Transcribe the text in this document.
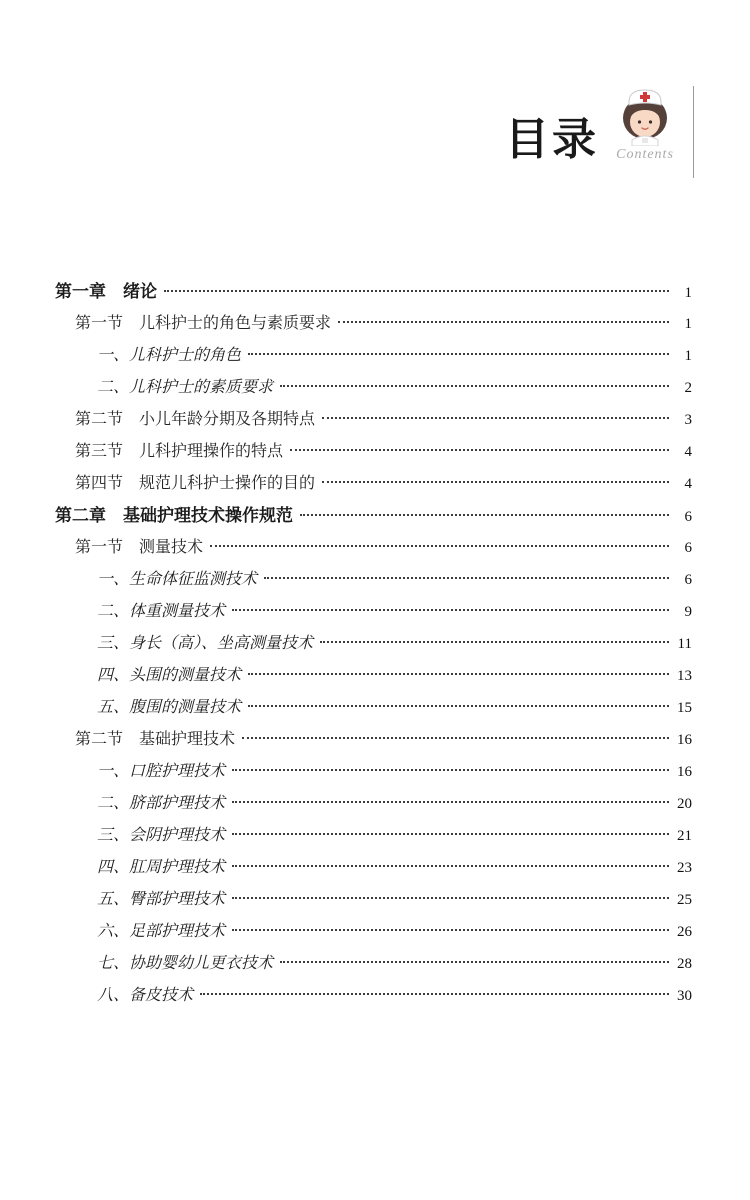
目录	Contents
第一章　绪论	1
第一节　儿科护士的角色与素质要求	1
一、儿科护士的角色	1
二、儿科护士的素质要求	2
第二节　小儿年龄分期及各期特点	3
第三节　儿科护理操作的特点	4
第四节　规范儿科护士操作的目的	4
第二章　基础护理技术操作规范	6
第一节　测量技术	6
一、生命体征监测技术	6
二、体重测量技术	9
三、身长（高）、坐高测量技术	11
四、头围的测量技术	13
五、腹围的测量技术	15
第二节　基础护理技术	16
一、口腔护理技术	16
二、脐部护理技术	20
三、会阴护理技术	21
四、肛周护理技术	23
五、臀部护理技术	25
六、足部护理技术	26
七、协助婴幼儿更衣技术	28
八、备皮技术	30
